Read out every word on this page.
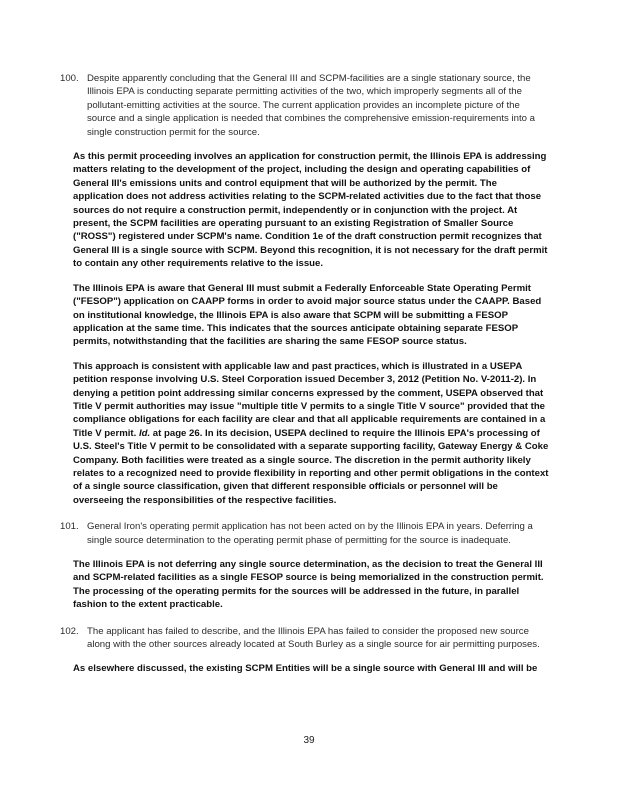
100. Despite apparently concluding that the General III and SCPM-facilities are a single stationary source, the Illinois EPA is conducting separate permitting activities of the two, which improperly segments all of the pollutant-emitting activities at the source. The current application provides an incomplete picture of the source and a single application is needed that combines the comprehensive emission-requirements into a single construction permit for the source.
As this permit proceeding involves an application for construction permit, the Illinois EPA is addressing matters relating to the development of the project, including the design and operating capabilities of General III's emissions units and control equipment that will be authorized by the permit. The application does not address activities relating to the SCPM-related activities due to the fact that those sources do not require a construction permit, independently or in conjunction with the project. At present, the SCPM facilities are operating pursuant to an existing Registration of Smaller Source ("ROSS") registered under SCPM's name. Condition 1e of the draft construction permit recognizes that General III is a single source with SCPM. Beyond this recognition, it is not necessary for the draft permit to contain any other requirements relative to the issue.
The Illinois EPA is aware that General III must submit a Federally Enforceable State Operating Permit ("FESOP") application on CAAPP forms in order to avoid major source status under the CAAPP. Based on institutional knowledge, the Illinois EPA is also aware that SCPM will be submitting a FESOP application at the same time. This indicates that the sources anticipate obtaining separate FESOP permits, notwithstanding that the facilities are sharing the same FESOP source status.
This approach is consistent with applicable law and past practices, which is illustrated in a USEPA petition response involving U.S. Steel Corporation issued December 3, 2012 (Petition No. V-2011-2). In denying a petition point addressing similar concerns expressed by the comment, USEPA observed that Title V permit authorities may issue "multiple title V permits to a single Title V source" provided that the compliance obligations for each facility are clear and that all applicable requirements are contained in a Title V permit. Id. at page 26. In its decision, USEPA declined to require the Illinois EPA's processing of U.S. Steel's Title V permit to be consolidated with a separate supporting facility, Gateway Energy & Coke Company. Both facilities were treated as a single source. The discretion in the permit authority likely relates to a recognized need to provide flexibility in reporting and other permit obligations in the context of a single source classification, given that different responsible officials or personnel will be overseeing the responsibilities of the respective facilities.
101. General Iron's operating permit application has not been acted on by the Illinois EPA in years. Deferring a single source determination to the operating permit phase of permitting for the source is inadequate.
The Illinois EPA is not deferring any single source determination, as the decision to treat the General III and SCPM-related facilities as a single FESOP source is being memorialized in the construction permit. The processing of the operating permits for the sources will be addressed in the future, in parallel fashion to the extent practicable.
102. The applicant has failed to describe, and the Illinois EPA has failed to consider the proposed new source along with the other sources already located at South Burley as a single source for air permitting purposes.
As elsewhere discussed, the existing SCPM Entities will be a single source with General III and will be
39
